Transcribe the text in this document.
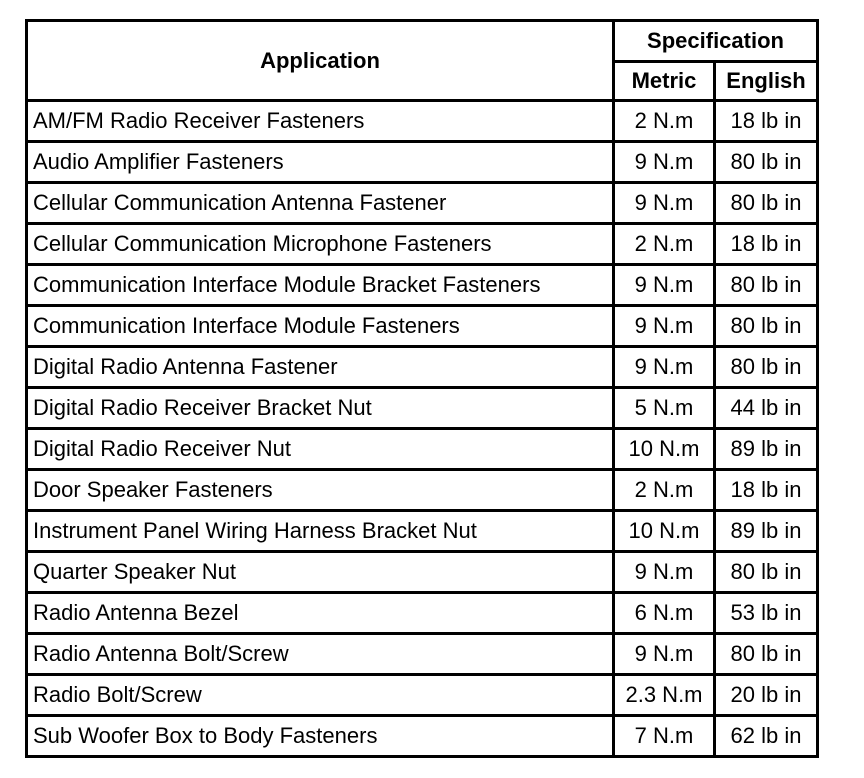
Application	Specification	
	Metric	English
AM/FM Radio Receiver Fasteners	2 N.m	18 lb in
Audio Amplifier Fasteners	9 N.m	80 lb in
Cellular Communication Antenna Fastener	9 N.m	80 lb in
Cellular Communication Microphone Fasteners	2 N.m	18 lb in
Communication Interface Module Bracket Fasteners	9 N.m	80 lb in
Communication Interface Module Fasteners	9 N.m	80 lb in
Digital Radio Antenna Fastener	9 N.m	80 lb in
Digital Radio Receiver Bracket Nut	5 N.m	44 lb in
Digital Radio Receiver Nut	10 N.m	89 lb in
Door Speaker Fasteners	2 N.m	18 lb in
Instrument Panel Wiring Harness Bracket Nut	10 N.m	89 lb in
Quarter Speaker Nut	9 N.m	80 lb in
Radio Antenna Bezel	6 N.m	53 lb in
Radio Antenna Bolt/Screw	9 N.m	80 lb in
Radio Bolt/Screw	2.3 N.m	20 lb in
Sub Woofer Box to Body Fasteners	7 N.m	62 lb in
